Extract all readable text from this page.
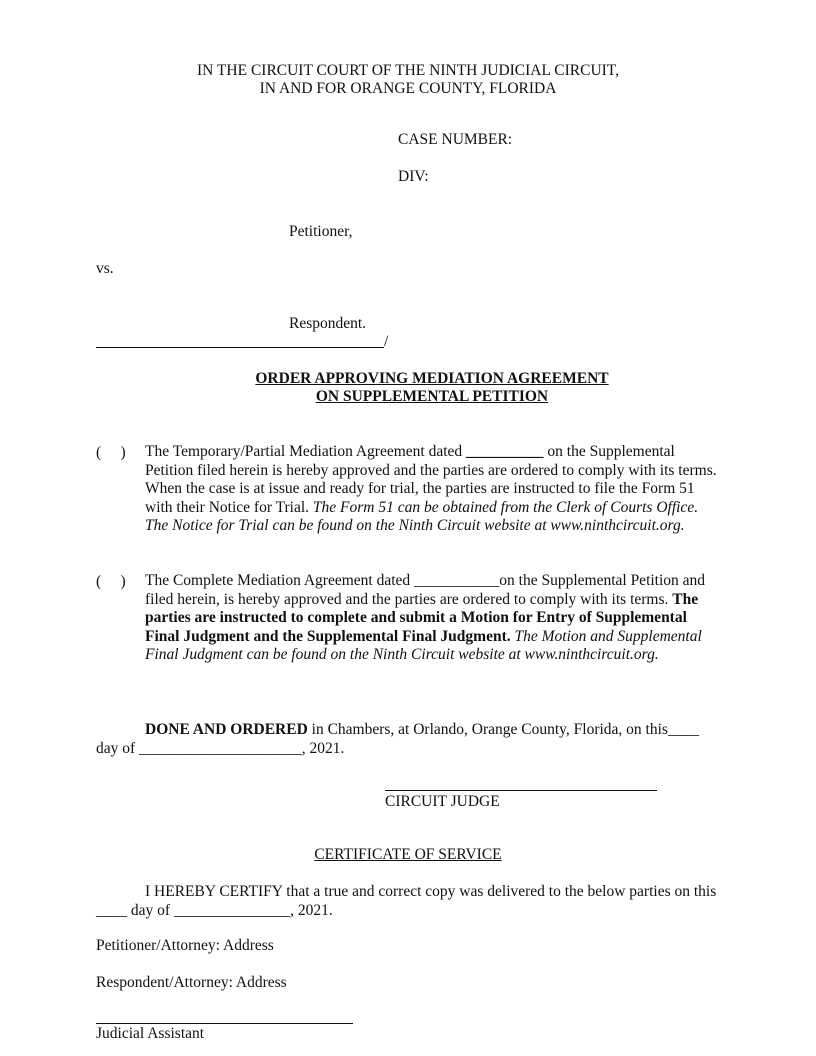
IN THE CIRCUIT COURT OF THE NINTH JUDICIAL CIRCUIT,
IN AND FOR ORANGE COUNTY, FLORIDA
CASE NUMBER:
DIV:
Petitioner,
vs.
Respondent.
/
ORDER APPROVING MEDIATION AGREEMENT
ON SUPPLEMENTAL PETITION
(     ) The Temporary/Partial Mediation Agreement dated __________ on the Supplemental Petition filed herein is hereby approved and the parties are ordered to comply with its terms. When the case is at issue and ready for trial, the parties are instructed to file the Form 51 with their Notice for Trial. The Form 51 can be obtained from the Clerk of Courts Office. The Notice for Trial can be found on the Ninth Circuit website at www.ninthcircuit.org.
(     ) The Complete Mediation Agreement dated ___________on the Supplemental Petition and filed herein, is hereby approved and the parties are ordered to comply with its terms. The parties are instructed to complete and submit a Motion for Entry of Supplemental Final Judgment and the Supplemental Final Judgment. The Motion and Supplemental Final Judgment can be found on the Ninth Circuit website at www.ninthcircuit.org.
DONE AND ORDERED in Chambers, at Orlando, Orange County, Florida, on this____ day of _____________________, 2021.
CIRCUIT JUDGE
CERTIFICATE OF SERVICE
I HEREBY CERTIFY that a true and correct copy was delivered to the below parties on this ____ day of _______________, 2021.
Petitioner/Attorney: Address
Respondent/Attorney: Address
Judicial Assistant
